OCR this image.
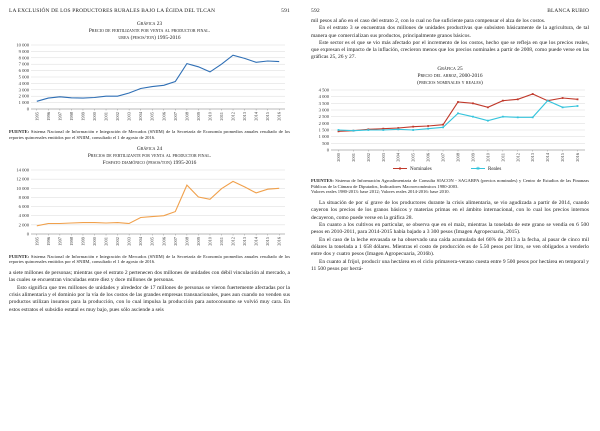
LA EXCLUSIÓN DE LOS PRODUCTORES RURALES BAJO LA ÉGIDA DEL TLCAN	591

Gráfica 23
Precio de fertilizante por venta al productor final.
urea (pesos/ton) 1995-2016

0
1 000
2 000
3 000
4 000
5 000
6 000
7 000
8 000
9 000
10 000
1995 1996 1997 1998 1999 2000 2001 2002 2003 2004 2005 2006 2007 2008 2009 2010 2011 2012 2013 2014 2015 2016

FUENTE: Sistema Nacional de Información e Integración de Mercados (SNIIM) de la Secretaría de Economía promedios anuales resultado de los reportes quincenales emitidos por el SNIIM, consultado el 1 de agosto de 2016.

Gráfica 24
Precios de fertilizante por venta al productor final.
Fosfato diamónico (pesos/ton) 1995-2016

0
2 000
4 000
6 000
8 000
10 000
12 000
14 000
1995 1996 1997 1998 1999 2000 2001 2002 2003 2004 2005 2006 2007 2008 2009 2010 2011 2012 2013 2014 2015 2016

FUENTE: Sistema Nacional de Información e Integración de Mercados (SNIIM) de la Secretaría de Economía promedios anuales resultado de los reportes quincenales emitidos por el SNIIM, consultado el 1 de agosto de 2016.

a siete millones de personas; mientras que el estrato 2 pertenecen dos millones de unidades con débil vinculación al mercado, a las cuales se encuentran vinculadas entre diez y doce millones de personas.

Esto significa que tres millones de unidades y alrededor de 17 millones de personas se vieron fuertemente afectadas por la crisis alimentaria y el dominio por la vía de los costos de las grandes empresas transnacionales, pues aun cuando no venden sus productos utilizan insumos para la producción, con lo cual impulsa la producción para autoconsumo se volvió muy cara. En estos estratos el subsidio estatal es muy bajo, pues sólo asciende a seis

592	BLANCA RUBIO

mil pesos al año en el caso del estrato 2, con lo cual no fue suficiente para compensar el alza de los costos.

En el estrato 3 se encuentran dos millones de unidades productivas que subsisten básicamente de la agricultura, de tal manera que comercializan sus productos, principalmente granos básicos.

Este sector es el que se vio más afectado por el incremento de los costos, hecho que se refleja en que los precios reales, que expresan el impacto de la inflación, crecieron menos que los precios nominales a partir de 2008, como puede verse en las gráficas 25, 26 y 27.

Gráfica 25
Precio del arroz, 2000-2016
(precios nominales y reales)

0
500
1 000
1 500
2 000
2 500
3 000
3 500
4 000
4 500
2000 2001 2002 2003 2004 2005 2006 2007 2008 2009 2010 2011 2012 2013 2014 2015 2016
Nominales	✱ Reales

FUENTES: Sistema de Información Agroalimentaria de Consulta SIACON - SAGARPA (precios nominales) y Centro de Estudios de las Finanzas Públicas de la Cámara de Diputados, Indicadores Macroeconómicos 1980-2003.
Valores reales 1980-2013: base 2012; Valores reales 2014-2016: base 2010.

La situación de por sí grave de los productores durante la crisis alimentaria, se vio agudizada a partir de 2014, cuando cayeron los precios de los granos básicos y materias primas en el ámbito internacional, con lo cual los precios internos decayeron, como puede verse en la gráfica 28.

En cuanto a los cultivos en particular, se observa que en el maíz, mientras la tonelada de este grano se vendía en 6 500 pesos en 2010-2011, para 2014-2015 había bajado a 3 300 pesos (Imagen Agropecuaria, 2015).

En el caso de la leche envasada se ha observado una caída acumulada del 66% de 2013 a la fecha, al pasar de cinco mil dólares la tonelada a 1 658 dólares. Mientras el costo de producción es de 5.50 pesos por litro, se ven obligados a venderlo entre dos y cuatro pesos (Imagen Agropecuaria, 2016b).

En cuanto al frijol, producir una hectárea en el ciclo primavera-verano cuesta entre 9 500 pesos por hectárea en temporal y 11 500 pesos por hectá-
